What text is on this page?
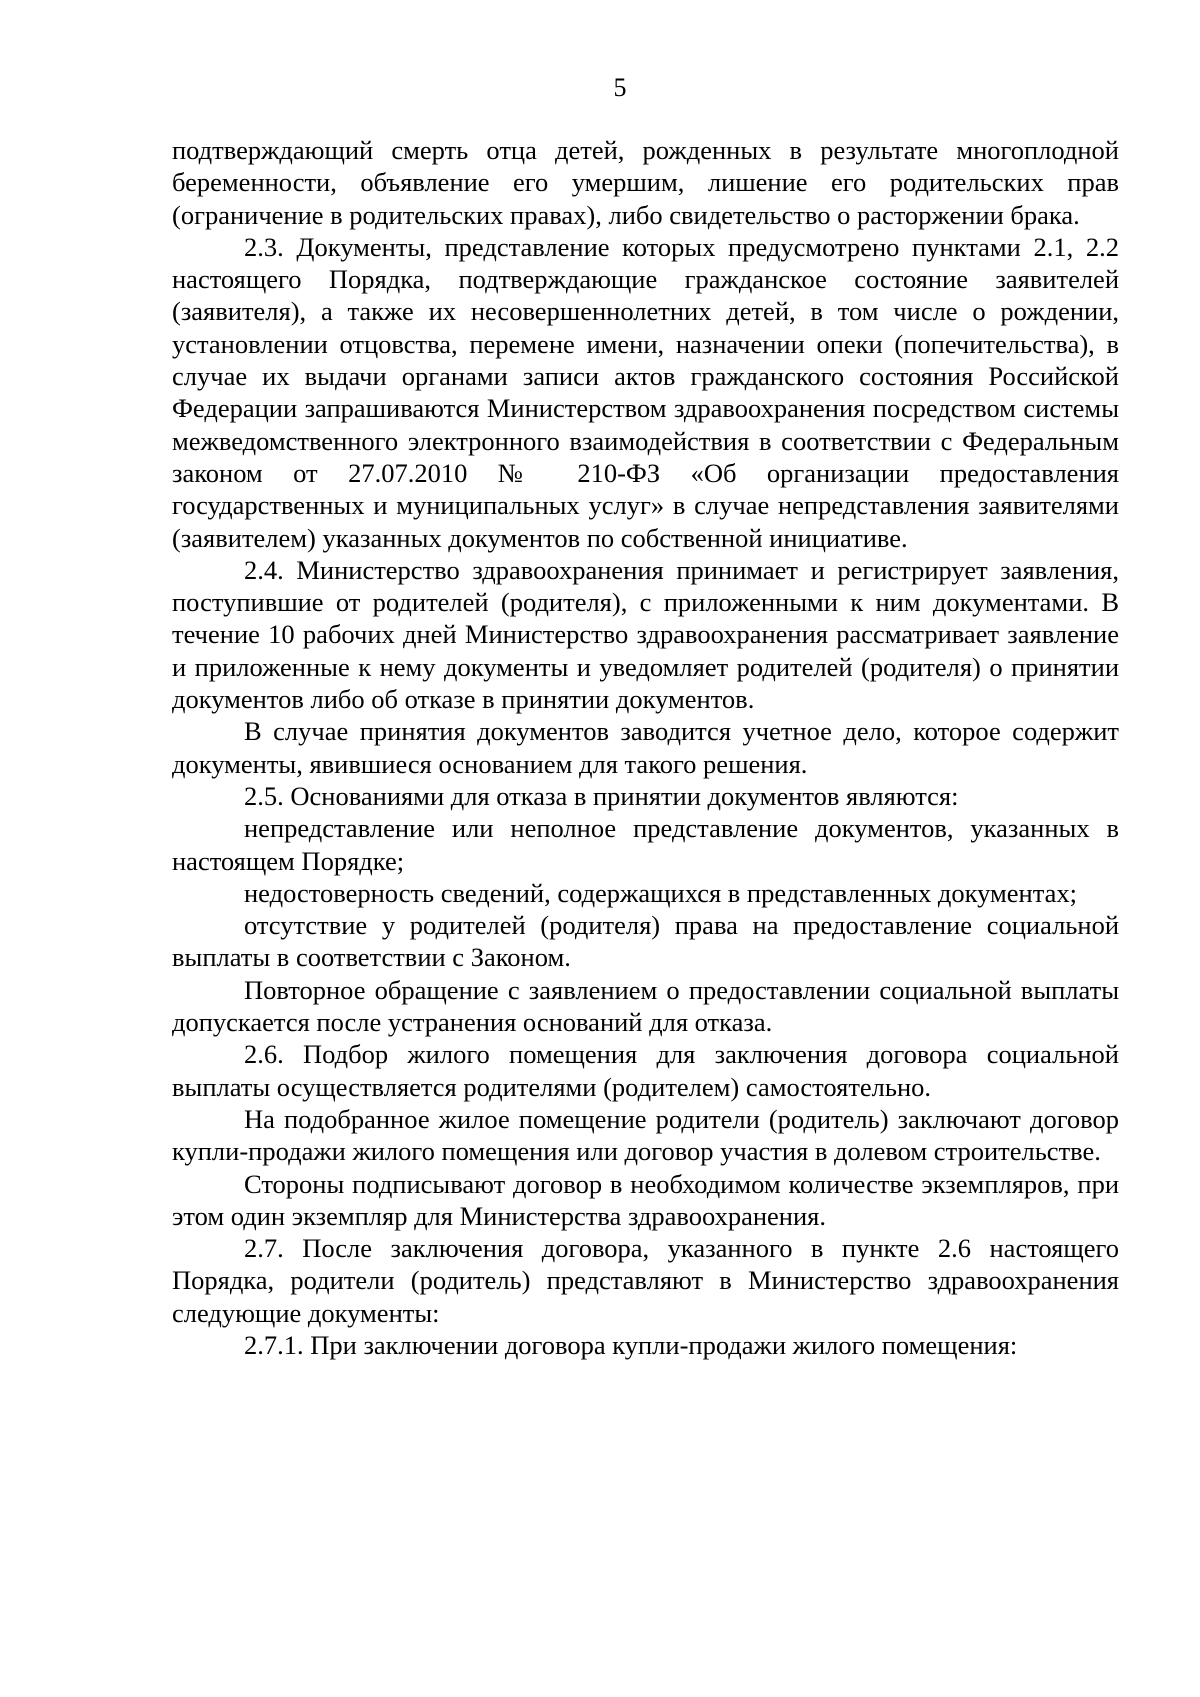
5

подтверждающий смерть отца детей, рожденных в результате многоплодной беременности, объявление его умершим, лишение его родительских прав (ограничение в родительских правах), либо свидетельство о расторжении брака.

2.3. Документы, представление которых предусмотрено пунктами 2.1, 2.2 настоящего Порядка, подтверждающие гражданское состояние заявителей (заявителя), а также их несовершеннолетних детей, в том числе о рождении, установлении отцовства, перемене имени, назначении опеки (попечительства), в случае их выдачи органами записи актов гражданского состояния Российской Федерации запрашиваются Министерством здравоохранения посредством системы межведомственного электронного взаимодействия в соответствии с Федеральным законом от 27.07.2010 № 210-ФЗ «Об организации предоставления государственных и муниципальных услуг» в случае непредставления заявителями (заявителем) указанных документов по собственной инициативе.

2.4. Министерство здравоохранения принимает и регистрирует заявления, поступившие от родителей (родителя), с приложенными к ним документами. В течение 10 рабочих дней Министерство здравоохранения рассматривает заявление и приложенные к нему документы и уведомляет родителей (родителя) о принятии документов либо об отказе в принятии документов.

В случае принятия документов заводится учетное дело, которое содержит документы, явившиеся основанием для такого решения.

2.5. Основаниями для отказа в принятии документов являются:

непредставление или неполное представление документов, указанных в настоящем Порядке;

недостоверность сведений, содержащихся в представленных документах;

отсутствие у родителей (родителя) права на предоставление социальной выплаты в соответствии с Законом.

Повторное обращение с заявлением о предоставлении социальной выплаты допускается после устранения оснований для отказа.

2.6. Подбор жилого помещения для заключения договора социальной выплаты осуществляется родителями (родителем) самостоятельно.

На подобранное жилое помещение родители (родитель) заключают договор купли-продажи жилого помещения или договор участия в долевом строительстве.

Стороны подписывают договор в необходимом количестве экземпляров, при этом один экземпляр для Министерства здравоохранения.

2.7. После заключения договора, указанного в пункте 2.6 настоящего Порядка, родители (родитель) представляют в Министерство здравоохранения следующие документы:

2.7.1. При заключении договора купли-продажи жилого помещения:
